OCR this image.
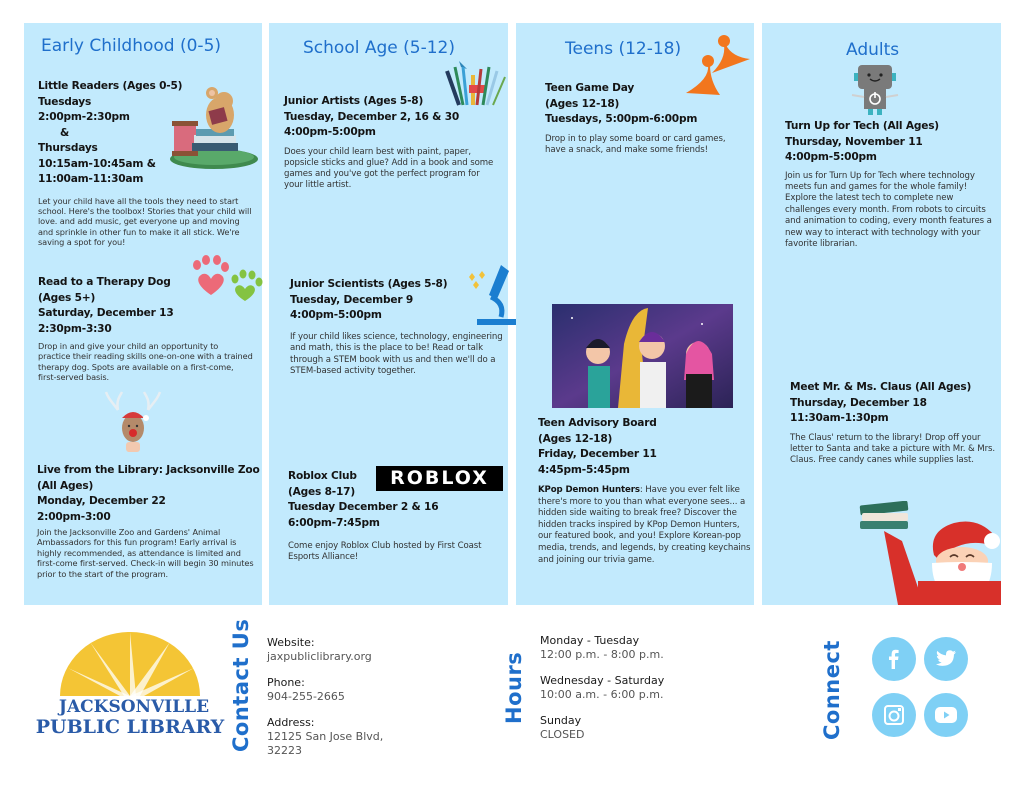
Early Childhood (0-5)
Little Readers (Ages 0-5)
Tuesdays
2:00pm-2:30pm
&
Thursdays
10:15am-10:45am &
11:00am-11:30am
Let your child have all the tools they need to start school. Here's the toolbox! Stories that your child will love. and add music, get everyone up and moving and sprinkle in other fun to make it all stick. We're saving a spot for you!
Read to a Therapy Dog
(Ages 5+)
Saturday, December 13
2:30pm-3:30
Drop in and give your child an opportunity to practice their reading skills one-on-one with a trained therapy dog. Spots are available on a first-come, first-served basis.
Live from the Library: Jacksonville Zoo
(All Ages)
Monday, December 22
2:00pm-3:00
Join the Jacksonville Zoo and Gardens' Animal Ambassadors for this fun program! Early arrival is highly recommended, as attendance is limited and first-come first-served. Check-in will begin 30 minutes prior to the start of the program.
School Age (5-12)
Junior Artists (Ages 5-8)
Tuesday, December 2, 16 & 30
4:00pm-5:00pm
Does your child learn best with paint, paper, popsicle sticks and glue? Add in a book and some games and you've got the perfect program for your little artist.
Junior Scientists (Ages 5-8)
Tuesday, December 9
4:00pm-5:00pm
If your child likes science, technology, engineering and math, this is the place to be! Read or talk through a STEM book with us and then we'll do a STEM-based activity together.
ROBLOX
Roblox Club
(Ages 8-17)
Tuesday December 2 & 16
6:00pm-7:45pm
Come enjoy Roblox Club hosted by First Coast Esports Alliance!
Teens (12-18)
Teen Game Day
(Ages 12-18)
Tuesdays, 5:00pm-6:00pm
Drop in to play some board or card games, have a snack, and make some friends!
Teen Advisory Board
(Ages 12-18)
Friday, December 11
4:45pm-5:45pm
KPop Demon Hunters: Have you ever felt like there's more to you than what everyone sees... a hidden side waiting to break free? Discover the hidden tracks inspired by KPop Demon Hunters, our featured book, and you! Explore Korean-pop media, trends, and legends, by creating keychains and joining our trivia game.
Adults
Turn Up for Tech (All Ages)
Thursday, November 11
4:00pm-5:00pm
Join us for Turn Up for Tech where technology meets fun and games for the whole family! Explore the latest tech to complete new challenges every month. From robots to circuits and animation to coding, every month features a new way to interact with technology with your favorite librarian.
Meet Mr. & Ms. Claus (All Ages)
Thursday, December 18
11:30am-1:30pm
The Claus' return to the library! Drop off your letter to Santa and take a picture with Mr. & Mrs. Claus. Free candy canes while supplies last.
JACKSONVILLE
PUBLIC LIBRARY Contact Us Website:
jaxpubliclibrary.org
Phone:
904-255-2665
Address:
12125 San Jose Blvd,
32223
Hours
Monday - Tuesday
12:00 p.m. - 8:00 p.m.
Wednesday - Saturday
10:00 a.m. - 6:00 p.m.
Sunday
CLOSED	Connect
